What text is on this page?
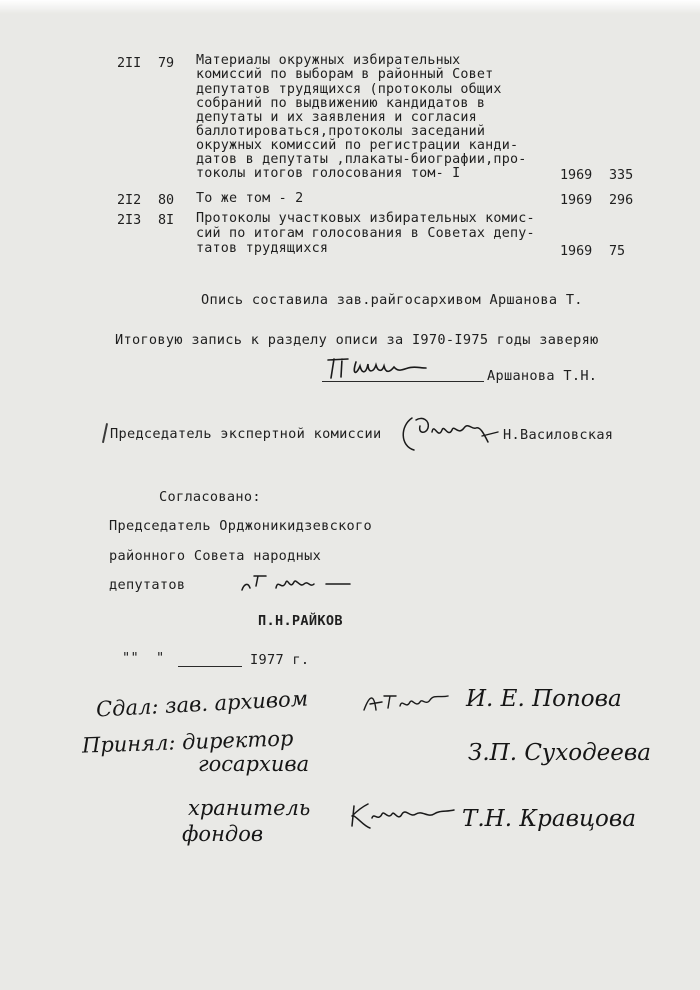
2II 79 Материалы окружных избирательных
комиссий по выборам в районный Совет
депутатов трудящихся (протоколы общих
собраний по выдвижению кандидатов в
депутаты и их заявления и согласия
баллотироваться,протоколы заседаний
окружных комиссий по регистрации канди-
датов в депутаты ,плакаты-биографии,про-
токолы итогов голосования том- I	1969 335
2I2 80 То же том - 2	1969 296
2I3 8I Протоколы участковых избирательных комис-
сий по итогам голосования в Советах депу-
татов трудящихся	1969 75
Опись составила зав.райгосархивом Аршанова Т.
Итоговую запись к разделу описи за I970-I975 годы заверяю
Аршанова Т.Н.
Председатель экспертной комиссии	Н.Василовская
Согласовано:
Председатель Орджоникидзевского
районного Совета народных
депутатов
П.Н.РАЙКОВ
"" "	I977 г.
Сдал: зав. архивом	И. Е. Попова
Принял: директор
госархива	З.П. Суходеева
хранитель
фондов
Т.Н. Кравцова
